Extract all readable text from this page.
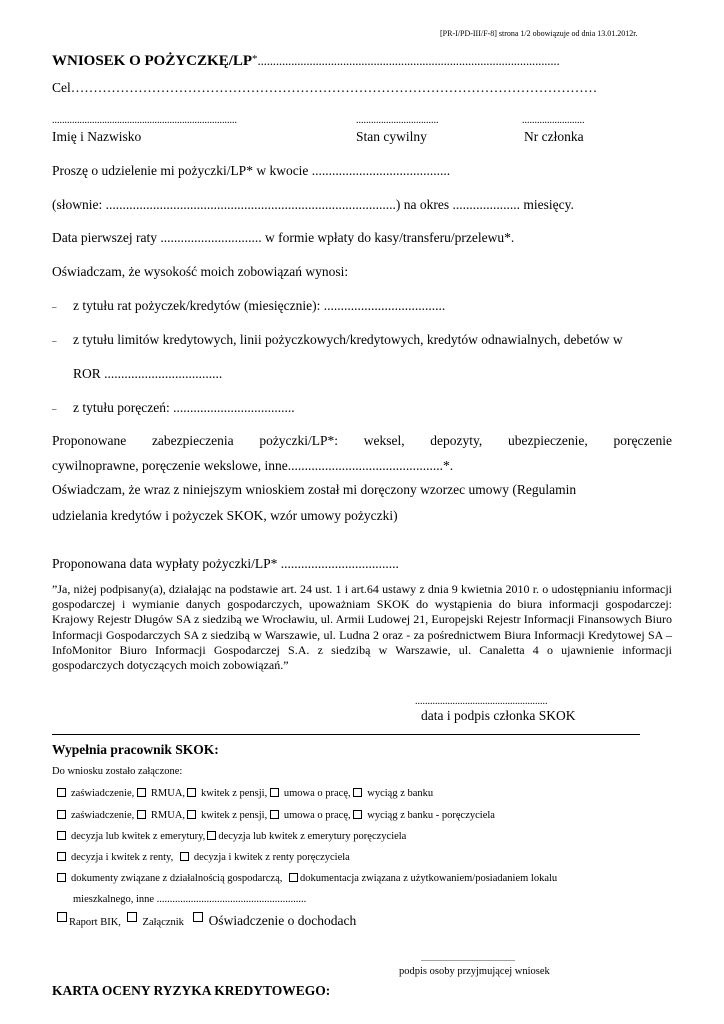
[PR-I/PD-III/F-8] strona 1/2 obowiązuje od dnia 13.01.2012r.
WNIOSEK O POŻYCZKĘ/LP*...................................................................................................
Cel………………………………………………………………………………………………………
..........................................................................	.................................	.........................
Imię i Nazwisko	Stan cywilny	Nr członka
Proszę o udzielenie mi pożyczki/LP* w kwocie .........................................
(słownie: ......................................................................................) na okres .................... miesięcy.
Data pierwszej raty .............................. w formie wpłaty do kasy/transferu/przelewu*.
Oświadczam, że wysokość moich zobowiązań wynosi:
– z tytułu rat pożyczek/kredytów (miesięcznie): ....................................
– z tytułu limitów kredytowych, linii pożyczkowych/kredytowych, kredytów odnawialnych, debetów w
ROR ...................................
– z tytułu poręczeń: ....................................
Proponowane zabezpieczenia pożyczki/LP*: weksel, depozyty, ubezpieczenie, poręczenie
cywilnoprawne, poręczenie wekslowe, inne..............................................*.
Oświadczam, że wraz z niniejszym wnioskiem został mi doręczony wzorzec umowy (Regulamin
udzielania kredytów i pożyczek SKOK, wzór umowy pożyczki)
Proponowana data wypłaty pożyczki/LP* ...................................
”Ja, niżej podpisany(a), działając na podstawie art. 24 ust. 1 i art.64 ustawy z dnia 9 kwietnia 2010 r. o udostępnianiu informacji gospodarczej i wymianie danych gospodarczych, upoważniam SKOK do wystąpienia do biura informacji gospodarczej: Krajowy Rejestr Długów SA z siedzibą we Wrocławiu, ul. Armii Ludowej 21, Europejski Rejestr Informacji Finansowych Biuro Informacji Gospodarczych SA z siedzibą w Warszawie, ul. Ludna 2 oraz - za pośrednictwem Biura Informacji Kredytowej SA – InfoMonitor Biuro Informacji Gospodarczej S.A. z siedzibą w Warszawie, ul. Canaletta 4 o ujawnienie informacji gospodarczych dotyczących moich zobowiązań.”
.....................................................
data i podpis członka SKOK
Wypełnia pracownik SKOK:
Do wniosku zostało załączone:
zaświadczenie, RMUA, kwitek z pensji, umowa o pracę, wyciąg z banku
zaświadczenie, RMUA, kwitek z pensji, umowa o pracę, wyciąg z banku - poręczyciela
decyzja lub kwitek z emerytury, decyzja lub kwitek z emerytury poręczyciela
decyzja i kwitek z renty, decyzja i kwitek z renty poręczyciela
dokumenty związane z działalnością gospodarczą, dokumentacja związana z użytkowaniem/posiadaniem lokalu
mieszkalnego, inne .........................................................
Raport BIK, Załącznik Oświadczenie o dochodach
...............................................
podpis osoby przyjmującej wniosek
KARTA OCENY RYZYKA KREDYTOWEGO:
